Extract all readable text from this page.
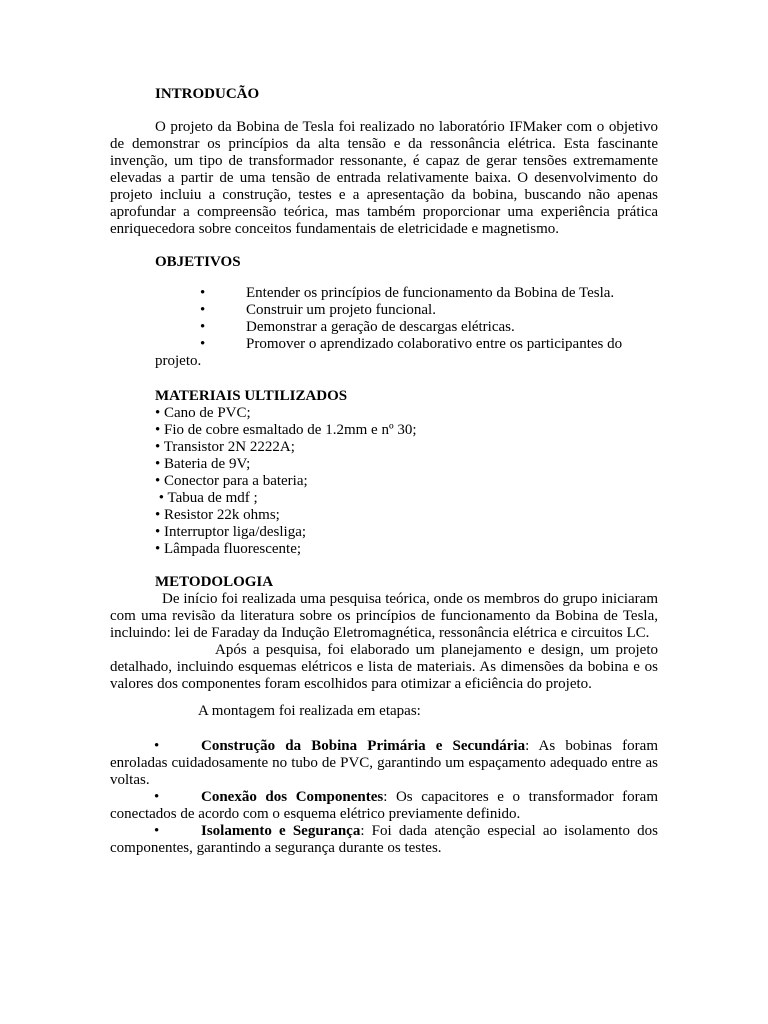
INTRODUCÃO

O projeto da Bobina de Tesla foi realizado no laboratório IFMaker com o objetivo de demonstrar os princípios da alta tensão e da ressonância elétrica. Esta fascinante invenção, um tipo de transformador ressonante, é capaz de gerar tensões extremamente elevadas a partir de uma tensão de entrada relativamente baixa. O desenvolvimento do projeto incluiu a construção, testes e a apresentação da bobina, buscando não apenas aprofundar a compreensão teórica, mas também proporcionar uma experiência prática enriquecedora sobre conceitos fundamentais de eletricidade e magnetismo.

OBJETIVOS
•	Entender os princípios de funcionamento da Bobina de Tesla.
•	Construir um projeto funcional.
•	Demonstrar a geração de descargas elétricas.
•	Promover o aprendizado colaborativo entre os participantes do
projeto.
MATERIAIS ULTILIZADOS
• Cano de PVC;
• Fio de cobre esmaltado de 1.2mm e nº 30;
• Transistor 2N 2222A;
• Bateria de 9V;
• Conector para a bateria;
• Tabua de mdf ;
• Resistor 22k ohms;
• Interruptor liga/desliga;
• Lâmpada fluorescente;
METODOLOGIA

De início foi realizada uma pesquisa teórica, onde os membros do grupo iniciaram com uma revisão da literatura sobre os princípios de funcionamento da Bobina de Tesla, incluindo: lei de Faraday da Indução Eletromagnética, ressonância elétrica e circuitos LC.

Após a pesquisa, foi elaborado um planejamento e design, um projeto detalhado, incluindo esquemas elétricos e lista de materiais. As dimensões da bobina e os valores dos componentes foram escolhidos para otimizar a eficiência do projeto.

A montagem foi realizada em etapas:

•	Construção da Bobina Primária e Secundária: As bobinas foram enroladas cuidadosamente no tubo de PVC, garantindo um espaçamento adequado entre as voltas.
•	Conexão dos Componentes: Os capacitores e o transformador foram conectados de acordo com o esquema elétrico previamente definido.
•	Isolamento e Segurança: Foi dada atenção especial ao isolamento dos componentes, garantindo a segurança durante os testes.
